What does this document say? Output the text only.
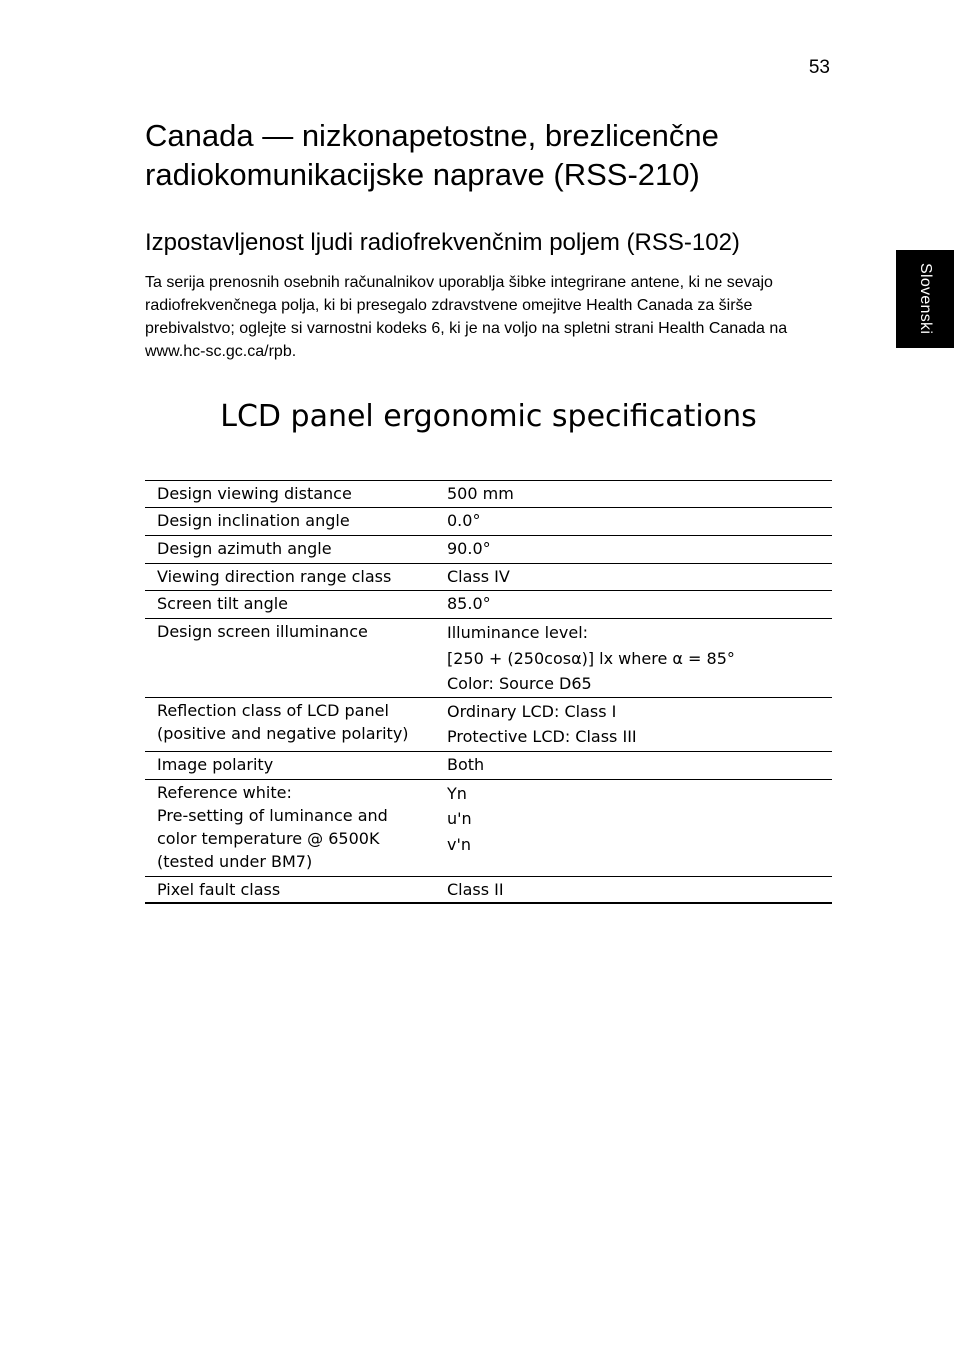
53
Slovenski
Canada — nizkonapetostne, brezlicenčne radiokomunikacijske naprave (RSS-210)
Izpostavljenost ljudi radiofrekvenčnim poljem (RSS-102)

Ta serija prenosnih osebnih računalnikov uporablja šibke integrirane antene, ki ne sevajo radiofrekvenčnega polja, ki bi presegalo zdravstvene omejitve Health Canada za širše prebivalstvo; oglejte si varnostni kodeks 6, ki je na voljo na spletni strani Health Canada na www.hc-sc.gc.ca/rpb.

LCD panel ergonomic specifications
Design viewing distance	500 mm

Design inclination angle	0.0°

Design azimuth angle	90.0°

Viewing direction range class	Class IV

Screen tilt angle	85.0°

Design screen illuminance	Illuminance level:
[250 + (250cosα)] lx where α = 85°
Color: Source D65

Reflection class of LCD panel
(positive and negative polarity)	Ordinary LCD: Class I
Protective LCD: Class III

Image polarity	Both

Reference white:
Pre-setting of luminance and
color temperature @ 6500K
(tested under BM7)	Yn
u'n
v'n

Pixel fault class	Class II
